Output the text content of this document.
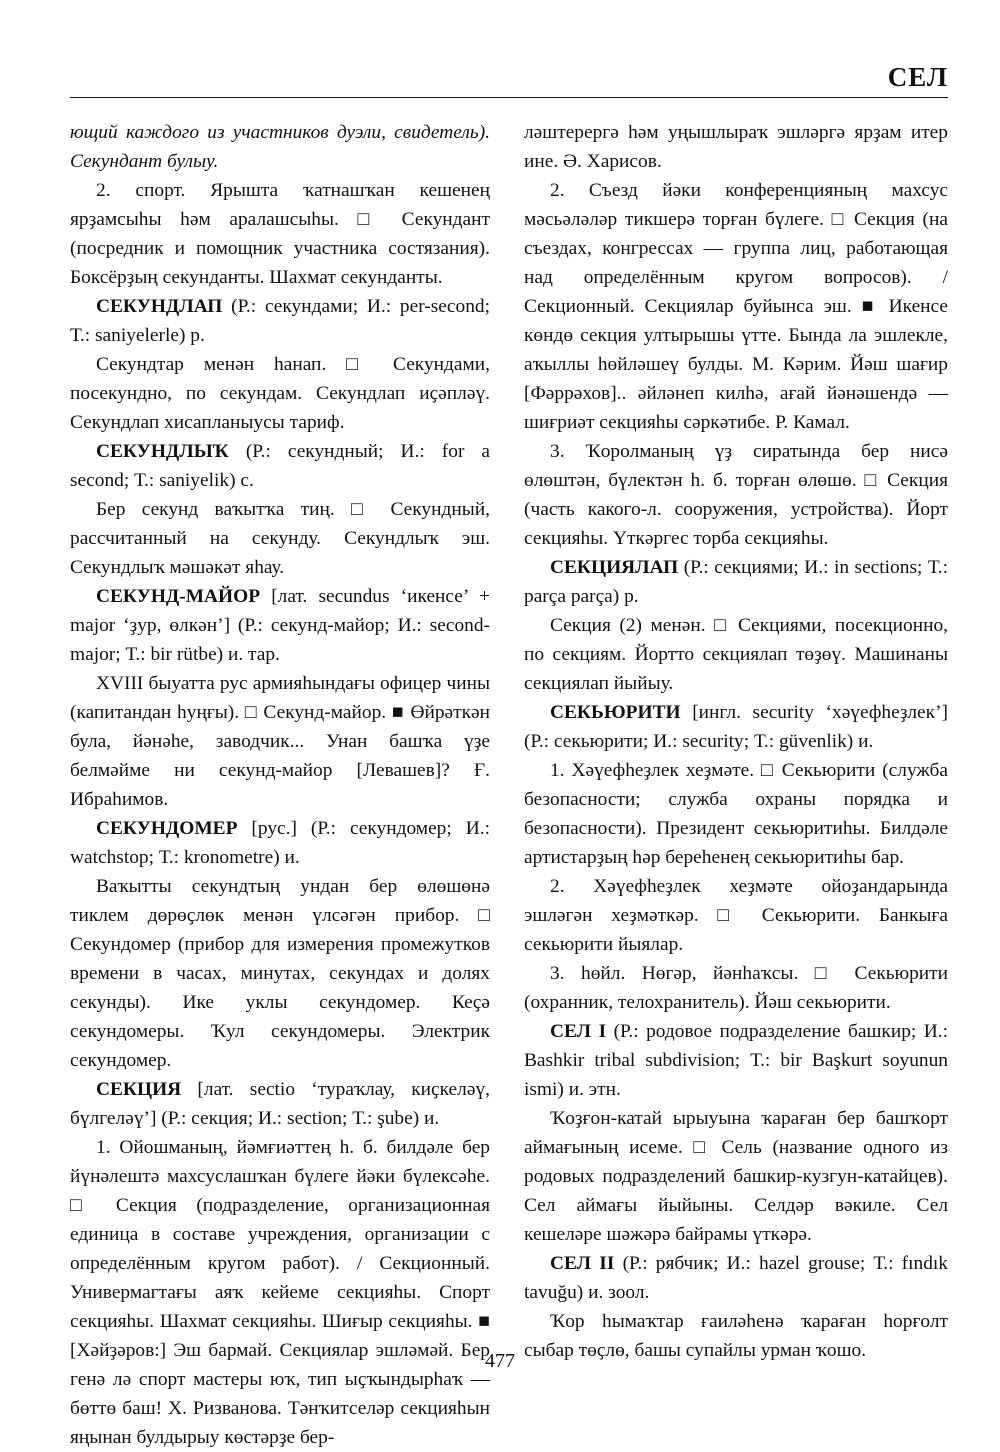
СЕЛ

ющий каждого из участников дуэли, свидетель). Секундант булыу.

2. спорт. Ярышта ҡатнашҡан кешенең ярҙамсыһы һәм аралашсыһы. □ Секундант (посредник и помощник участника состязания). Боксёрҙың секунданты. Шахмат секунданты.

СЕКУНДЛАП (Р.: секундами; И.: per-second; Т.: saniyelerle) р.

Секундтар менән һанап. □ Секундами, посекундно, по секундам. Секундлап иҫәпләү. Секундлап хисапланыусы тариф.

СЕКУНДЛЫҠ (Р.: секундный; И.: for a second; Т.: saniyelik) с.

Бер секунд ваҡытҡа тиң. □ Секундный, рассчитанный на секунду. Секундлыҡ эш. Секундлыҡ мәшәкәт яһау.

СЕКУНД-МАЙОР [лат. secundus ‘икенсе’ + major ‘ҙур, өлкән’] (Р.: секунд-майор; И.: second-major; Т.: bir rütbe) и. тар.

XVIII быуатта рус армияһындағы офицер чины (капитандан һуңғы). □ Секунд-майор. ■ Өйрәткән була, йәнәһе, заводчик... Унан башҡа үҙе белмәйме ни секунд-майор [Левашев]? Ғ. Ибраһимов.

СЕКУНДОМЕР [рус.] (Р.: секундомер; И.: watchstop; Т.: kronometre) и.

Ваҡытты секундтың ундан бер өлөшөнә тиклем дөрөҫлөк менән үлсәгән прибор. □ Секундомер (прибор для измерения промежутков времени в часах, минутах, секундах и долях секунды). Ике уклы секундомер. Кеҫә секундомеры. Ҡул секундомеры. Электрик секундомер.

СЕКЦИЯ [лат. sectio ‘тураҡлау, киҫкеләү, бүлгеләү’] (Р.: секция; И.: section; Т.: şube) и.

1. Ойошманың, йәмғиәттең һ. б. билдәле бер йүнәлештә махсуслашҡан бүлеге йәки бүлексәһе. □ Секция (подразделение, организационная единица в составе учреждения, организации с определённым кругом работ). / Секционный. Универмагтағы аяҡ кейеме секцияһы. Спорт секцияһы. Шахмат секцияһы. Шиғыр секцияһы. ■ [Хәйҙәров:] Эш бармай. Секциялар эшләмәй. Бер генә лә спорт мастеры юҡ, тип ыҫҡындырһаҡ — бөттө баш! Х. Ризванова. Тәнҡитселәр секцияһын яңынан булдырыу көстәрҙе бер-

ләштерергә һәм уңышлыраҡ эшләргә ярҙам итер ине. Ә. Харисов.

2. Съезд йәки конференцияның махсус мәсьәләләр тикшерә торған бүлеге. □ Секция (на съездах, конгрессах — группа лиц, работающая над определённым кругом вопросов). / Секционный. Секциялар буйынса эш. ■ Икенсе көндө секция ултырышы үтте. Бында ла эшлекле, аҡыллы һөйләшеү булды. М. Кәрим. Йәш шағир [Фәррәхов].. әйләнеп килһә, ағай йәнәшендә — шиғриәт секцияһы сәркәтибе. Р. Камал.

3. Ҡоролманың үҙ сиратында бер нисә өлөштән, бүлектән һ. б. торған өлөшө. □ Секция (часть какого-л. сооружения, устройства). Йорт секцияһы. Үткәргес торба секцияһы.

СЕКЦИЯЛАП (Р.: секциями; И.: in sections; Т.: parça parça) р.

Секция (2) менән. □ Секциями, посекционно, по секциям. Йортто секциялап төҙөү. Машинаны секциялап йыйыу.

СЕКЬЮРИТИ [ингл. security ‘хәүефһеҙлек’] (Р.: секьюрити; И.: security; Т.: güvenlik) и.

1. Хәүефһеҙлек хеҙмәте. □ Секьюрити (служба безопасности; служба охраны порядка и безопасности). Президент секьюритиһы. Билдәле артистарҙың һәр береһенең секьюритиһы бар.

2. Хәүефһеҙлек хеҙмәте ойоҙандарында эшләгән хеҙмәткәр. □ Секьюрити. Банкыға секьюрити йыялар.

3. һөйл. Нөгәр, йәнһаҡсы. □ Секьюрити (охранник, телохранитель). Йәш секьюрити.

СЕЛ I (Р.: родовое подразделение башкир; И.: Bashkir tribal subdivision; Т.: bir Başkurt soyunun ismi) и. этн.

Ҡоҙғон-катай ырыуына ҡараған бер башҡорт аймағының исеме. □ Сель (название одного из родовых подразделений башкир-кузгун-катайцев). Сел аймағы йыйыны. Селдәр вәкиле. Сел кешеләре шәжәрә байрамы үткәрә.

СЕЛ II (Р.: рябчик; И.: hazel grouse; Т.: fındık tavuğu) и. зоол.

Ҡор һымаҡтар ғаиләһенә ҡараған һорғолт сыбар төҫлө, башы супайлы урман ҡошо.

477
